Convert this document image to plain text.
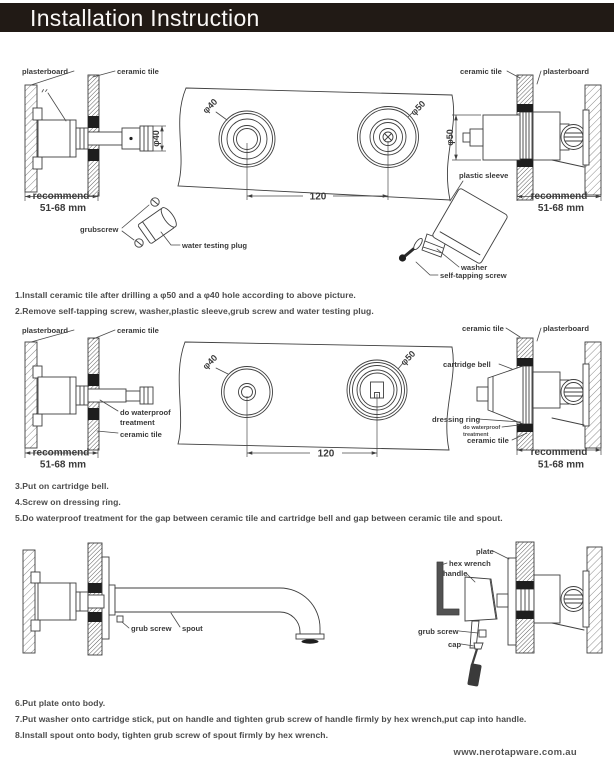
Installation Instruction
φ40
plasterboard	ceramic tile
recommend
51-68 mm
grubscrew
water testing plug
φ40	φ50
120
φ50
ceramic tile	plasterboard
recommend
51-68 mm
plastic sleeve
washer
self-tapping screw

1.Install ceramic tile after drilling a φ50 and a φ40 hole according to above picture.

2.Remove self-tapping screw, washer,plastic sleeve,grub screw and water testing plug.

plasterboard	ceramic tile
do waterproof
treatment
ceramic tile
recommend
51-68 mm
φ40	φ50
120
ceramic tile	plasterboard
cartridge bell
dressing ring
do waterproof
treatment
ceramic tile
recommend
51-68 mm

3.Put on cartridge bell.

4.Screw on dressing ring.

5.Do waterproof treatment for the gap between ceramic tile and cartridge bell and gap between ceramic tile and spout.

grub screw spout
plate
hex wrench
handle
grub screw
cap

6.Put plate onto body.

7.Put washer onto cartridge stick, put on handle and tighten grub screw of handle firmly by hex wrench,put cap into handle.

8.Install spout onto body, tighten grub screw of spout firmly by hex wrench.

www.nerotapware.com.au
